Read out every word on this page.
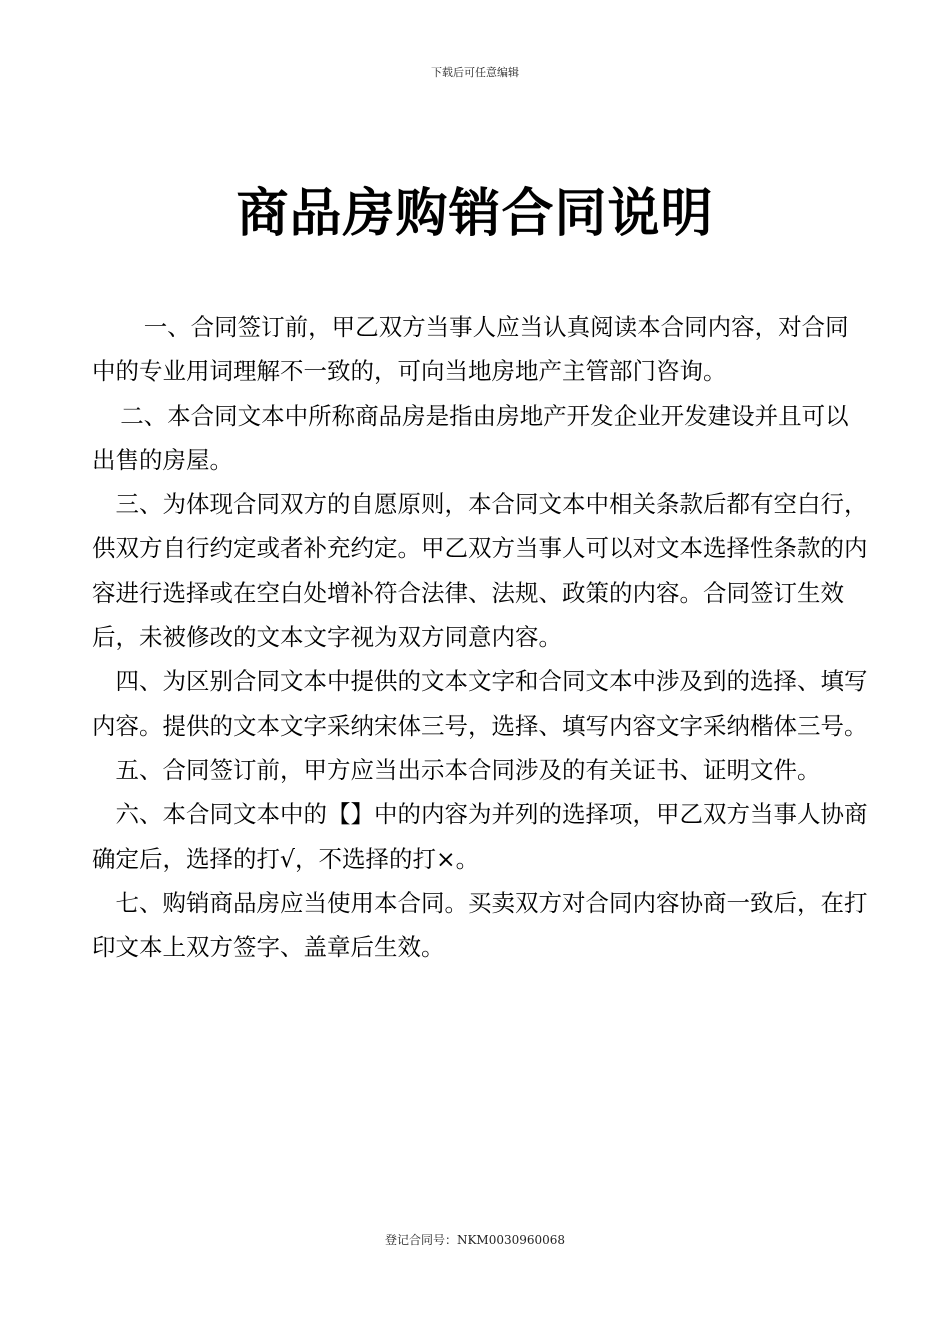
下载后可任意编辑
商品房购销合同说明

一、合同签订前，甲乙双方当事人应当认真阅读本合同内容，对合同中的专业用词理解不一致的，可向当地房地产主管部门咨询。

二、本合同文本中所称商品房是指由房地产开发企业开发建设并且可以出售的房屋。

三、为体现合同双方的自愿原则，本合同文本中相关条款后都有空白行，供双方自行约定或者补充约定。甲乙双方当事人可以对文本选择性条款的内容进行选择或在空白处增补符合法律、法规、政策的内容。合同签订生效后，未被修改的文本文字视为双方同意内容。

四、为区别合同文本中提供的文本文字和合同文本中涉及到的选择、填写内容。提供的文本文字采纳宋体三号，选择、填写内容文字采纳楷体三号。

五、合同签订前，甲方应当出示本合同涉及的有关证书、证明文件。

六、本合同文本中的【】中的内容为并列的选择项，甲乙双方当事人协商确定后，选择的打√，不选择的打×。

七、购销商品房应当使用本合同。买卖双方对合同内容协商一致后，在打印文本上双方签字、盖章后生效。

登记合同号：NKM0030960068
